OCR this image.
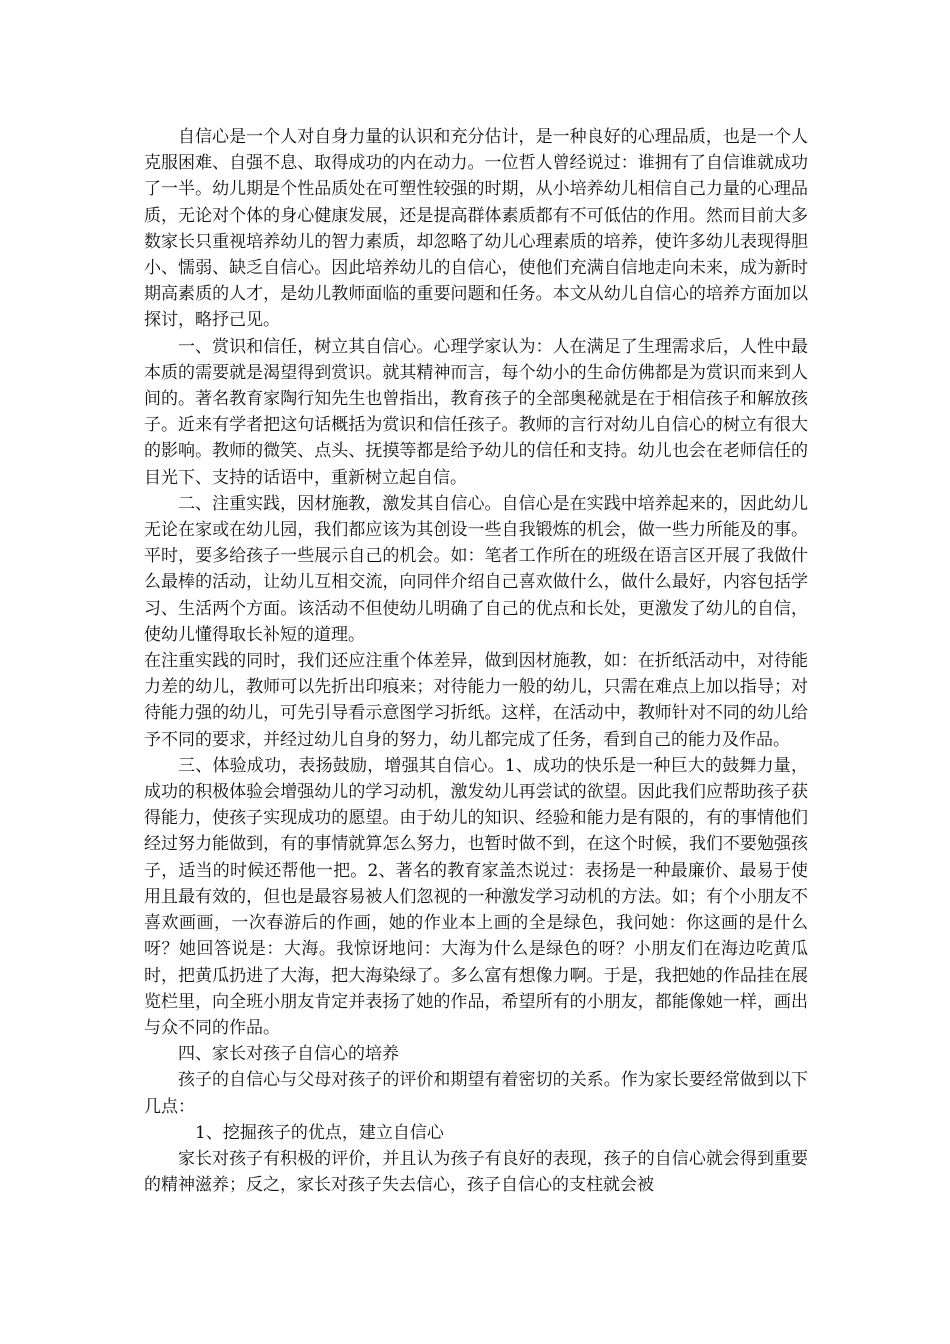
自信心是一个人对自身力量的认识和充分估计，是一种良好的心理品质，也是一个人克服困难、自强不息、取得成功的内在动力。一位哲人曾经说过：谁拥有了自信谁就成功了一半。幼儿期是个性品质处在可塑性较强的时期，从小培养幼儿相信自己力量的心理品质，无论对个体的身心健康发展，还是提高群体素质都有不可低估的作用。然而目前大多数家长只重视培养幼儿的智力素质，却忽略了幼儿心理素质的培养，使许多幼儿表现得胆小、懦弱、缺乏自信心。因此培养幼儿的自信心，使他们充满自信地走向未来，成为新时期高素质的人才，是幼儿教师面临的重要问题和任务。本文从幼儿自信心的培养方面加以探讨，略抒己见。

一、赏识和信任，树立其自信心。心理学家认为：人在满足了生理需求后，人性中最本质的需要就是渴望得到赏识。就其精神而言，每个幼小的生命仿佛都是为赏识而来到人间的。著名教育家陶行知先生也曾指出，教育孩子的全部奥秘就是在于相信孩子和解放孩子。近来有学者把这句话概括为赏识和信任孩子。教师的言行对幼儿自信心的树立有很大的影响。教师的微笑、点头、抚摸等都是给予幼儿的信任和支持。幼儿也会在老师信任的目光下、支持的话语中，重新树立起自信。

二、注重实践，因材施教，激发其自信心。自信心是在实践中培养起来的，因此幼儿无论在家或在幼儿园，我们都应该为其创设一些自我锻炼的机会，做一些力所能及的事。平时，要多给孩子一些展示自己的机会。如：笔者工作所在的班级在语言区开展了我做什么最棒的活动，让幼儿互相交流，向同伴介绍自己喜欢做什么，做什么最好，内容包括学习、生活两个方面。该活动不但使幼儿明确了自己的优点和长处，更激发了幼儿的自信，使幼儿懂得取长补短的道理。

在注重实践的同时，我们还应注重个体差异，做到因材施教，如：在折纸活动中，对待能力差的幼儿，教师可以先折出印痕来；对待能力一般的幼儿，只需在难点上加以指导；对待能力强的幼儿，可先引导看示意图学习折纸。这样，在活动中，教师针对不同的幼儿给予不同的要求，并经过幼儿自身的努力，幼儿都完成了任务，看到自己的能力及作品。

三、体验成功，表扬鼓励，增强其自信心。1、成功的快乐是一种巨大的鼓舞力量，成功的积极体验会增强幼儿的学习动机，激发幼儿再尝试的欲望。因此我们应帮助孩子获得能力，使孩子实现成功的愿望。由于幼儿的知识、经验和能力是有限的，有的事情他们经过努力能做到，有的事情就算怎么努力，也暂时做不到，在这个时候，我们不要勉强孩子，适当的时候还帮他一把。2、著名的教育家盖杰说过：表扬是一种最廉价、最易于使用且最有效的，但也是最容易被人们忽视的一种激发学习动机的方法。如；有个小朋友不喜欢画画，一次春游后的作画，她的作业本上画的全是绿色，我问她：你这画的是什么呀？她回答说是：大海。我惊讶地问：大海为什么是绿色的呀？小朋友们在海边吃黄瓜时，把黄瓜扔进了大海，把大海染绿了。多么富有想像力啊。于是，我把她的作品挂在展览栏里，向全班小朋友肯定并表扬了她的作品，希望所有的小朋友，都能像她一样，画出与众不同的作品。

四、家长对孩子自信心的培养

孩子的自信心与父母对孩子的评价和期望有着密切的关系。作为家长要经常做到以下几点：

1、挖掘孩子的优点，建立自信心

家长对孩子有积极的评价，并且认为孩子有良好的表现，孩子的自信心就会得到重要的精神滋养；反之，家长对孩子失去信心，孩子自信心的支柱就会被
